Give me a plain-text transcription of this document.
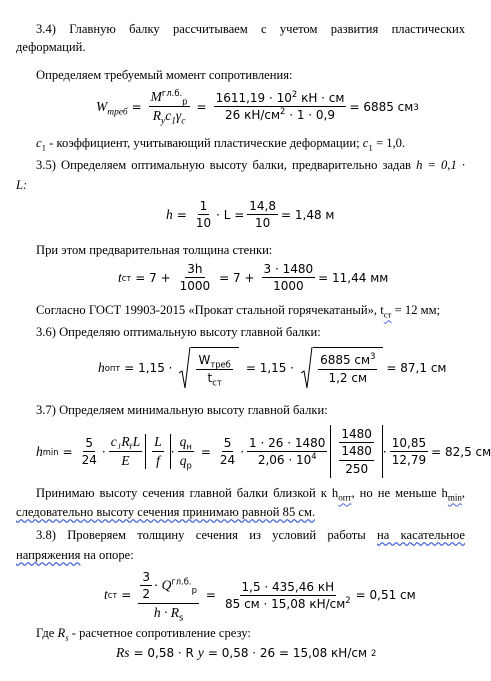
3.4) Главную балку рассчитываем с учетом развития пластических
деформаций.
Определяем требуемый момент сопротивления:
$W_{треб} = \frac{M^{гл.б.}_р}{R_yc_1\gamma_c} = \frac{1611,19 \cdot 10^2 кН \cdot см}{26 кН/см^2 \cdot 1 \cdot 0,9} = 6885$ см 3
$c_1$ - коэффициент, учитывающий пластические деформации; $c_1 = 1,0$.
3.5) Определяем оптимальную высоту балки, предварительно задав h = 0,1 ·
L:
$h = \frac{1}{10} \cdot L = \frac{14,8}{10} = 1,48$ м
При этом предварительная толщина стенки:
t ст = $7 + \frac{3h}{1000} = 7 + \frac{3 \cdot 1480}{1000} = 11,44$ мм
Согласно ГОСТ 19903-2015 «Прокат стальной горячекатаный», $t_{ст} = 12$ мм;
3.6) Определяю оптимальную высоту главной балки:
h опт = $1,15 \cdot \frac{W_{треб}}{t_{ст}} = 1,15 \cdot \frac{6885 см^3}{1,2 см} = 87,1$ см
3.7) Определяем минимальную высоту главной балки:
h $\min = \frac{5}{24} \cdot \frac{\text{c₁RᵧL}}{E} \frac{L}{f} \cdot \frac{q_н}{q_р} = \frac{5}{24} \cdot \frac{1 \cdot 26 \cdot 1480}{2,06 \cdot 10^4} \frac{1480}{\frac{1480}{250}} \cdot \frac{10,85}{12,79} = 82,5$ см
Принимаю высоту сечения главной балки близкой к $h_{опт}$, но не меньше $h_{min}$,
следовательно высоту сечения принимаю равной 85 см.
3.8) Проверяем толщину сечения из условий работы на касательное
напряжения на опоре:
t ст = $\frac{\frac{3}{2} \cdot Q^{гл.б.}_р}{h \cdot R_s} = \frac{1,5 \cdot 435,46 кН}{85 см \cdot 15,08 кН/см^2} = 0,51$ см
Где $R_s$ - расчетное сопротивление срезу:
R s = 0,58 · R y = 0,58 · 26 = 15,08 кН/см 2
